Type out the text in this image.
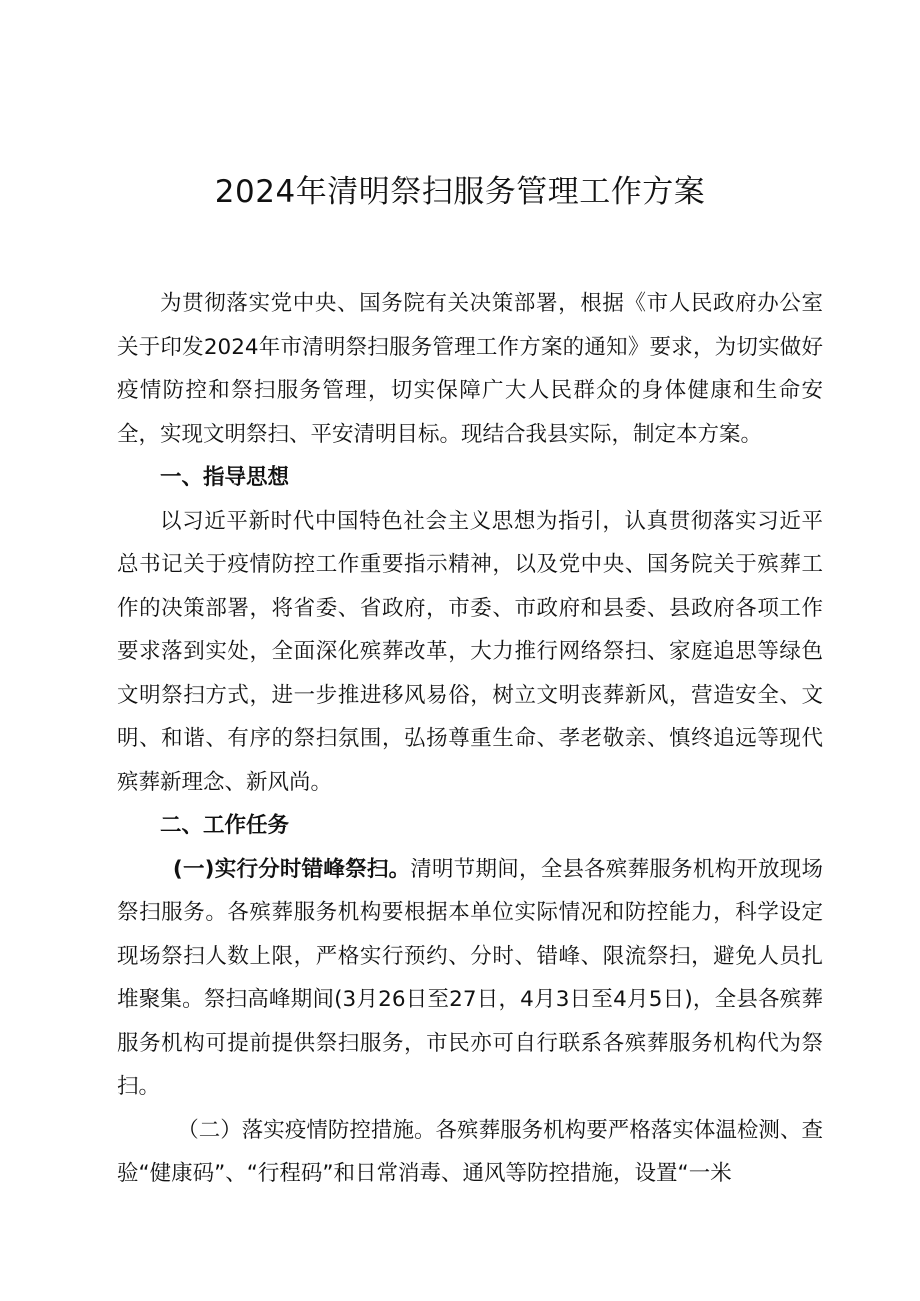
2024年清明祭扫服务管理工作方案

为贯彻落实党中央、国务院有关决策部署，根据《市人民政府办公室关于印发2024年市清明祭扫服务管理工作方案的通知》要求，为切实做好疫情防控和祭扫服务管理，切实保障广大人民群众的身体健康和生命安全，实现文明祭扫、平安清明目标。现结合我县实际，制定本方案。

一、指导思想

以习近平新时代中国特色社会主义思想为指引，认真贯彻落实习近平总书记关于疫情防控工作重要指示精神，以及党中央、国务院关于殡葬工作的决策部署，将省委、省政府，市委、市政府和县委、县政府各项工作要求落到实处，全面深化殡葬改革，大力推行网络祭扫、家庭追思等绿色文明祭扫方式，进一步推进移风易俗，树立文明丧葬新风，营造安全、文明、和谐、有序的祭扫氛围，弘扬尊重生命、孝老敬亲、慎终追远等现代殡葬新理念、新风尚。

二、工作任务

(一)实行分时错峰祭扫。清明节期间，全县各殡葬服务机构开放现场祭扫服务。各殡葬服务机构要根据本单位实际情况和防控能力，科学设定现场祭扫人数上限，严格实行预约、分时、错峰、限流祭扫，避免人员扎堆聚集。祭扫高峰期间(3月26日至27日，4月3日至4月5日)，全县各殡葬服务机构可提前提供祭扫服务，市民亦可自行联系各殡葬服务机构代为祭扫。

（二）落实疫情防控措施。各殡葬服务机构要严格落实体温检测、查验“健康码”、“行程码”和日常消毒、通风等防控措施，设置“一米
